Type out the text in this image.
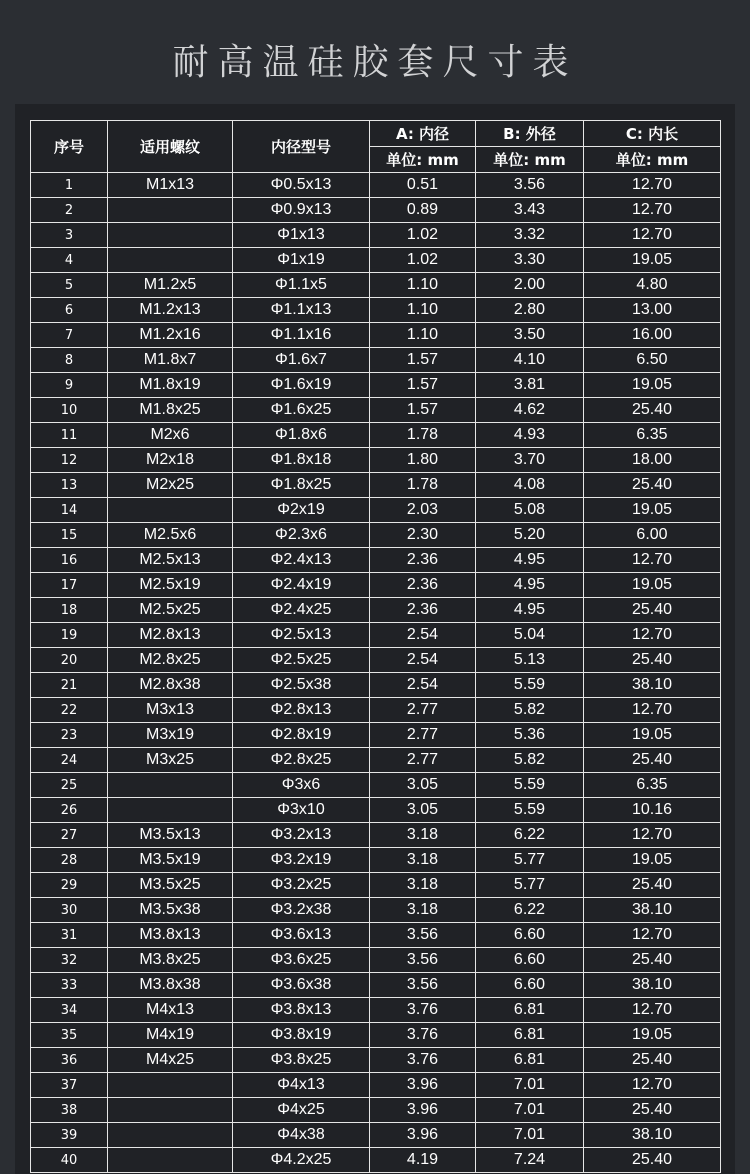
耐高温硅胶套尺寸表
序号	适用螺纹	内径型号	A: 内径	B: 外径	C: 内长
			单位: mm	单位: mm	单位: mm
1	M1x13	Φ0.5x13	0.51	3.56	12.70
2		Φ0.9x13	0.89	3.43	12.70
3		Φ1x13	1.02	3.32	12.70
4		Φ1x19	1.02	3.30	19.05
5	M1.2x5	Φ1.1x5	1.10	2.00	4.80
6	M1.2x13	Φ1.1x13	1.10	2.80	13.00
7	M1.2x16	Φ1.1x16	1.10	3.50	16.00
8	M1.8x7	Φ1.6x7	1.57	4.10	6.50
9	M1.8x19	Φ1.6x19	1.57	3.81	19.05
10	M1.8x25	Φ1.6x25	1.57	4.62	25.40
11	M2x6	Φ1.8x6	1.78	4.93	6.35
12	M2x18	Φ1.8x18	1.80	3.70	18.00
13	M2x25	Φ1.8x25	1.78	4.08	25.40
14		Φ2x19	2.03	5.08	19.05
15	M2.5x6	Φ2.3x6	2.30	5.20	6.00
16	M2.5x13	Φ2.4x13	2.36	4.95	12.70
17	M2.5x19	Φ2.4x19	2.36	4.95	19.05
18	M2.5x25	Φ2.4x25	2.36	4.95	25.40
19	M2.8x13	Φ2.5x13	2.54	5.04	12.70
20	M2.8x25	Φ2.5x25	2.54	5.13	25.40
21	M2.8x38	Φ2.5x38	2.54	5.59	38.10
22	M3x13	Φ2.8x13	2.77	5.82	12.70
23	M3x19	Φ2.8x19	2.77	5.36	19.05
24	M3x25	Φ2.8x25	2.77	5.82	25.40
25		Φ3x6	3.05	5.59	6.35
26		Φ3x10	3.05	5.59	10.16
27	M3.5x13	Φ3.2x13	3.18	6.22	12.70
28	M3.5x19	Φ3.2x19	3.18	5.77	19.05
29	M3.5x25	Φ3.2x25	3.18	5.77	25.40
30	M3.5x38	Φ3.2x38	3.18	6.22	38.10
31	M3.8x13	Φ3.6x13	3.56	6.60	12.70
32	M3.8x25	Φ3.6x25	3.56	6.60	25.40
33	M3.8x38	Φ3.6x38	3.56	6.60	38.10
34	M4x13	Φ3.8x13	3.76	6.81	12.70
35	M4x19	Φ3.8x19	3.76	6.81	19.05
36	M4x25	Φ3.8x25	3.76	6.81	25.40
37		Φ4x13	3.96	7.01	12.70
38		Φ4x25	3.96	7.01	25.40
39		Φ4x38	3.96	7.01	38.10
40		Φ4.2x25	4.19	7.24	25.40
